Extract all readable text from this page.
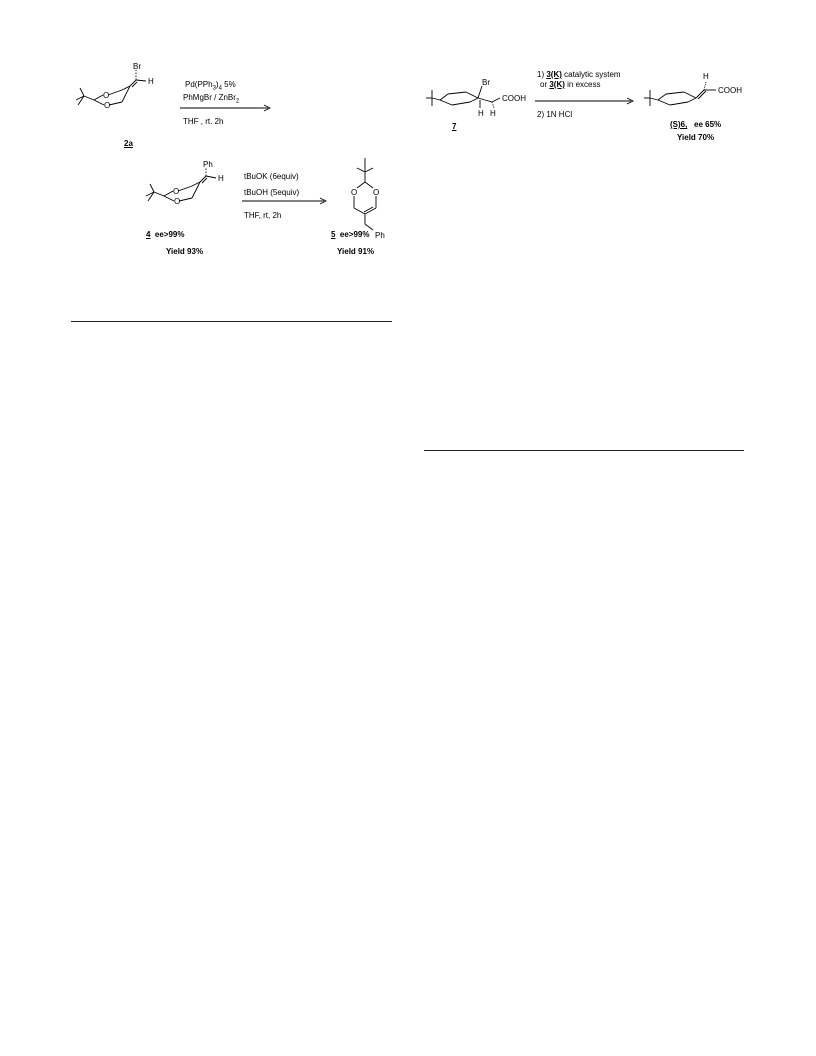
O
O
Br
H	$Pd(PPh_3)_4$ 5%
PhMgBr / ZnBr$_2$
THF , rt. 2h
2a
O
O
Ph
H	tBuOK (6equiv)
tBuOH (5equiv)
THF, rt, 2h
O O
Ph
4 ee>99%
Yield 93%
5 ee>99%
Yield 91%
Br
COOH
H H
7
1) 3(K) catalytic system
or 3(K) in excess
2) 1N HCl
H
COOH
(S)6, ee 65%
Yield 70%
